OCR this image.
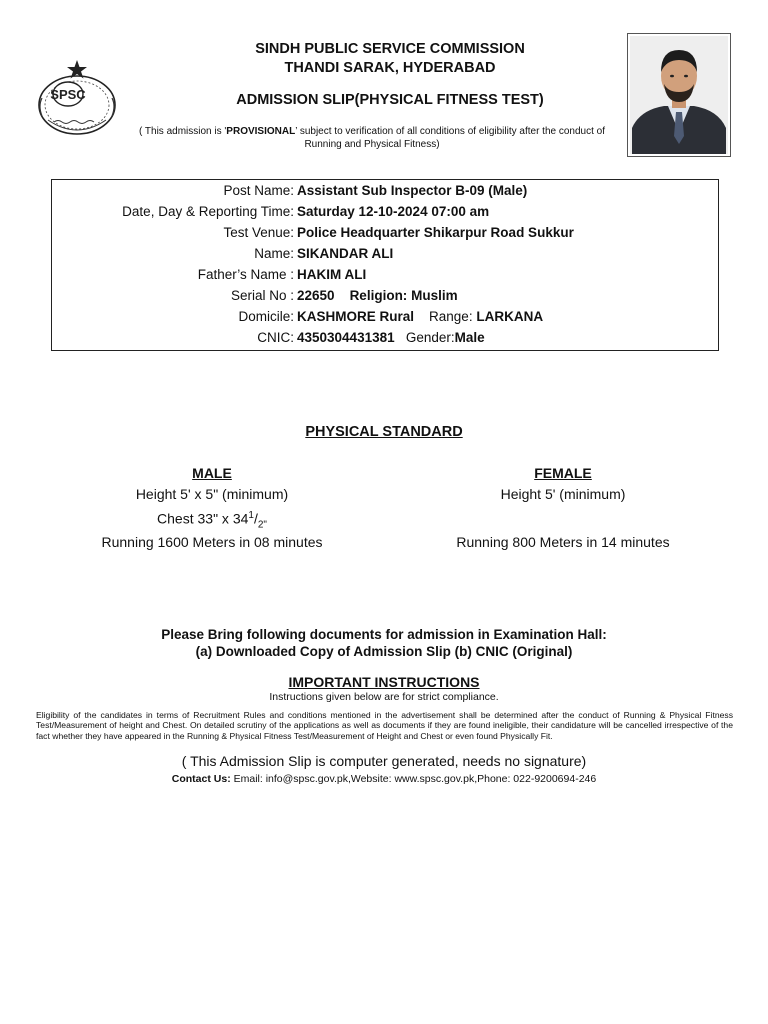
SPSC
SINDH PUBLIC SERVICE COMMISSION
THANDI SARAK, HYDERABAD
ADMISSION SLIP(PHYSICAL FITNESS TEST)
( This admission is 'PROVISIONAL’ subject to verification of all conditions of eligibility after the conduct of Running and Physical Fitness)
Post Name: Assistant Sub Inspector B-09 (Male)
Date, Day & Reporting Time: Saturday 12-10-2024 07:00 am
Test Venue: Police Headquarter Shikarpur Road Sukkur
Name: SIKANDAR ALI
Father’s Name : HAKIM ALI
Serial No : 22650 Religion: Muslim
Domicile: KASHMORE Rural Range: LARKANA
CNIC: 4350304431381 Gender:Male
PHYSICAL STANDARD
MALE
Height 5' x 5" (minimum)
Chest 33" x $34^1/_{2"}$
Running 1600 Meters in 08 minutes
FEMALE
Height 5' (minimum)
Running 800 Meters in 14 minutes
Please Bring following documents for admission in Examination Hall:
(a) Downloaded Copy of Admission Slip (b) CNIC (Original)
IMPORTANT INSTRUCTIONS
Instructions given below are for strict compliance.
Eligibility of the candidates in terms of Recruitment Rules and conditions mentioned in the advertisement shall be determined after the conduct of Running & Physical Fitness Test/Measurement of height and Chest. On detailed scrutiny of the applications as well as documents if they are found ineligible, their candidature will be cancelled irrespective of the fact whether they have appeared in the Running & Physical Fitness Test/Measurement of Height and Chest or even found Physically Fit.
( This Admission Slip is computer generated, needs no signature)
Contact Us: Email: info@spsc.gov.pk,Website: www.spsc.gov.pk,Phone: 022-9200694-246
